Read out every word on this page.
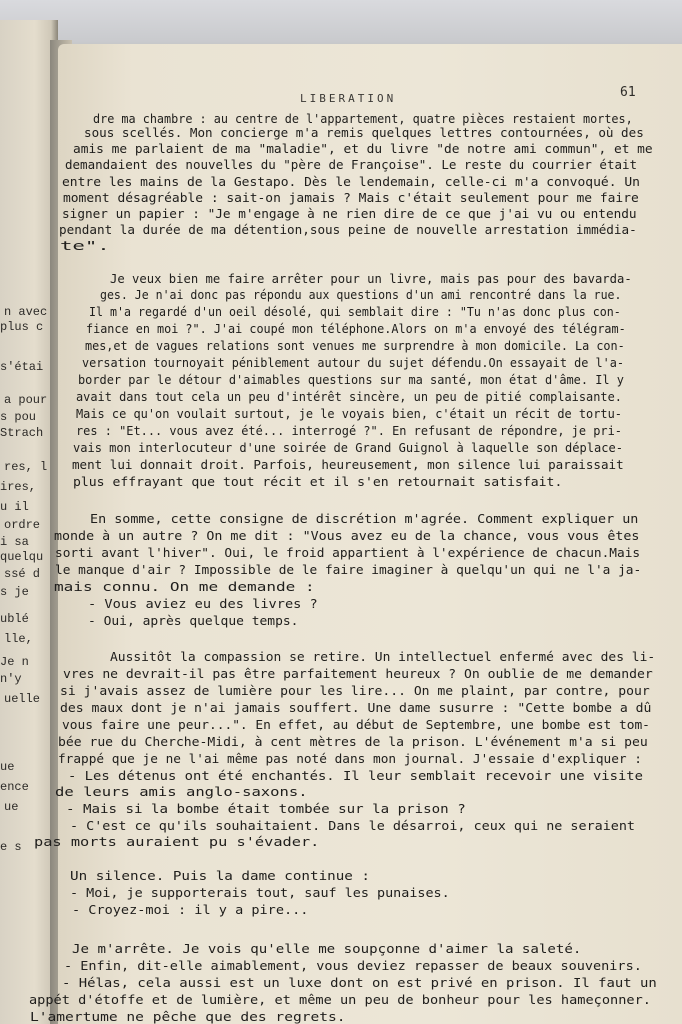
n avec
plus c
s'étai
a pour
s pou
Strach
res, l
ires,
u il
ordre
i sa
quelqu
ssé d
s je
ublé
lle,
Je n
n'y
uelle
ue
ence
ue
e s
LIBERATION	61
dre ma chambre : au centre de l'appartement, quatre pièces restaient mortes,
sous scellés. Mon concierge m'a remis quelques lettres contournées, où des
amis me parlaient de ma "maladie", et du livre "de notre ami commun", et me
demandaient des nouvelles du "père de Françoise". Le reste du courrier était
entre les mains de la Gestapo. Dès le lendemain, celle-ci m'a convoqué. Un
moment désagréable : sait-on jamais ? Mais c'était seulement pour me faire
signer un papier : "Je m'engage à ne rien dire de ce que j'ai vu ou entendu
pendant la durée de ma détention,sous peine de nouvelle arrestation immédia-
te".
Je veux bien me faire arrêter pour un livre, mais pas pour des bavarda-
ges. Je n'ai donc pas répondu aux questions d'un ami rencontré dans la rue.
Il m'a regardé d'un oeil désolé, qui semblait dire : "Tu n'as donc plus con-
fiance en moi ?". J'ai coupé mon téléphone.Alors on m'a envoyé des télégram-
mes,et de vagues relations sont venues me surprendre à mon domicile. La con-
versation tournoyait péniblement autour du sujet défendu.On essayait de l'a-
border par le détour d'aimables questions sur ma santé, mon état d'âme. Il y
avait dans tout cela un peu d'intérêt sincère, un peu de pitié complaisante.
Mais ce qu'on voulait surtout, je le voyais bien, c'était un récit de tortu-
res : "Et... vous avez été... interrogé ?". En refusant de répondre, je pri-
vais mon interlocuteur d'une soirée de Grand Guignol à laquelle son déplace-
ment lui donnait droit. Parfois, heureusement, mon silence lui paraissait
plus effrayant que tout récit et il s'en retournait satisfait.
En somme, cette consigne de discrétion m'agrée. Comment expliquer un
monde à un autre ? On me dit : "Vous avez eu de la chance, vous vous êtes
sorti avant l'hiver". Oui, le froid appartient à l'expérience de chacun.Mais
le manque d'air ? Impossible de le faire imaginer à quelqu'un qui ne l'a ja-
mais connu. On me demande :
- Vous aviez eu des livres ?
- Oui, après quelque temps.
Aussitôt la compassion se retire. Un intellectuel enfermé avec des li-
vres ne devrait-il pas être parfaitement heureux ? On oublie de me demander
si j'avais assez de lumière pour les lire... On me plaint, par contre, pour
des maux dont je n'ai jamais souffert. Une dame susurre : "Cette bombe a dû
vous faire une peur...". En effet, au début de Septembre, une bombe est tom-
bée rue du Cherche-Midi, à cent mètres de la prison. L'événement m'a si peu
frappé que je ne l'ai même pas noté dans mon journal. J'essaie d'expliquer :
- Les détenus ont été enchantés. Il leur semblait recevoir une visite
de leurs amis anglo-saxons.
- Mais si la bombe était tombée sur la prison ?
- C'est ce qu'ils souhaitaient. Dans le désarroi, ceux qui ne seraient
pas morts auraient pu s'évader.
Un silence. Puis la dame continue :
- Moi, je supporterais tout, sauf les punaises.
- Croyez-moi : il y a pire...
Je m'arrête. Je vois qu'elle me soupçonne d'aimer la saleté.
- Enfin, dit-elle aimablement, vous deviez repasser de beaux souvenirs.
- Hélas, cela aussi est un luxe dont on est privé en prison. Il faut un
appét d'étoffe et de lumière, et même un peu de bonheur pour les hameçonner.
L'amertume ne pêche que des regrets.
